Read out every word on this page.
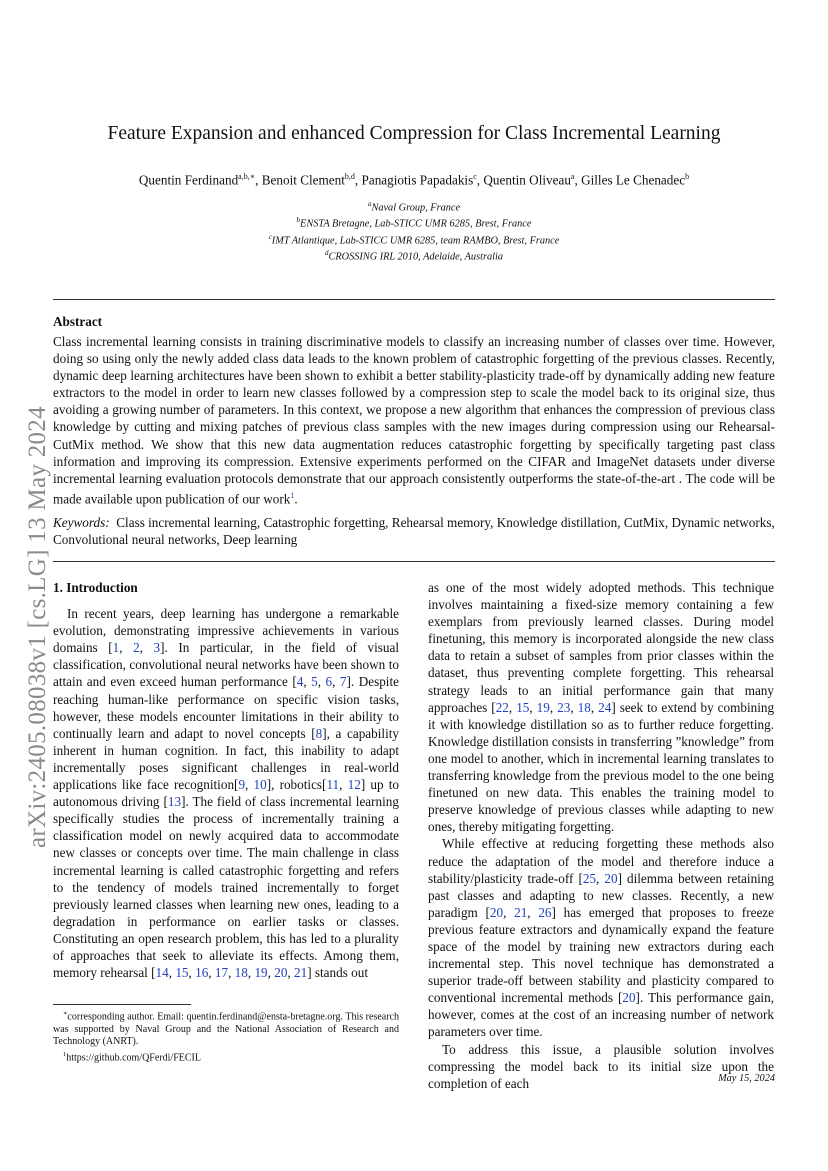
arXiv:2405.08038v1 [cs.LG] 13 May 2024
Feature Expansion and enhanced Compression for Class Incremental Learning
Quentin Ferdinand$^{a,b,∗}$, Benoit Clement$^{b,d}$, Panagiotis Papadakis$^c$, Quentin Oliveau$^a$, Gilles Le Chenadec$^b$
$^a$Naval Group, France
$^b$ENSTA Bretagne, Lab-STICC UMR 6285, Brest, France
$^c$IMT Atlantique, Lab-STICC UMR 6285, team RAMBO, Brest, France
$^d$CROSSING IRL 2010, Adelaide, Australia
Abstract

Class incremental learning consists in training discriminative models to classify an increasing number of classes over time. However, doing so using only the newly added class data leads to the known problem of catastrophic forgetting of the previous classes. Recently, dynamic deep learning architectures have been shown to exhibit a better stability-plasticity trade-off by dynamically adding new feature extractors to the model in order to learn new classes followed by a compression step to scale the model back to its original size, thus avoiding a growing number of parameters. In this context, we propose a new algorithm that enhances the compression of previous class knowledge by cutting and mixing patches of previous class samples with the new images during compression using our Rehearsal-CutMix method. We show that this new data augmentation reduces catastrophic forgetting by specifically targeting past class information and improving its compression. Extensive experiments performed on the CIFAR and ImageNet datasets under diverse incremental learning evaluation protocols demonstrate that our approach consistently outperforms the state-of-the-art . The code will be made available upon publication of our work$^1$.

Keywords: Class incremental learning, Catastrophic forgetting, Rehearsal memory, Knowledge distillation, CutMix, Dynamic networks, Convolutional neural networks, Deep learning

1. Introduction

In recent years, deep learning has undergone a remarkable evolution, demonstrating impressive achievements in various domains [1, 2, 3]. In particular, in the field of visual classification, convolutional neural networks have been shown to attain and even exceed human performance [4, 5, 6, 7]. Despite reaching human-like performance on specific vision tasks, however, these models encounter limitations in their ability to continually learn and adapt to novel concepts [8], a capability inherent in human cognition. In fact, this inability to adapt incrementally poses significant challenges in real-world applications like face recognition[9, 10], robotics[11, 12] up to autonomous driving [13]. The field of class incremental learning specifically studies the process of incrementally training a classification model on newly acquired data to accommodate new classes or concepts over time. The main challenge in class incremental learning is called catastrophic forgetting and refers to the tendency of models trained incrementally to forget previously learned classes when learning new ones, leading to a degradation in performance on earlier tasks or classes. Constituting an open research problem, this has led to a plurality of approaches that seek to alleviate its effects. Among them, memory rehearsal [14, 15, 16, 17, 18, 19, 20, 21] stands out

as one of the most widely adopted methods. This technique involves maintaining a fixed-size memory containing a few exemplars from previously learned classes. During model finetuning, this memory is incorporated alongside the new class data to retain a subset of samples from prior classes within the dataset, thus preventing complete forgetting. This rehearsal strategy leads to an initial performance gain that many approaches [22, 15, 19, 23, 18, 24] seek to extend by combining it with knowledge distillation so as to further reduce forgetting. Knowledge distillation consists in transferring ”knowledge” from one model to another, which in incremental learning translates to transferring knowledge from the previous model to the one being finetuned on new data. This enables the training model to preserve knowledge of previous classes while adapting to new ones, thereby mitigating forgetting.

While effective at reducing forgetting these methods also reduce the adaptation of the model and therefore induce a stability/plasticity trade-off [25, 20] dilemma between retaining past classes and adapting to new classes. Recently, a new paradigm [20, 21, 26] has emerged that proposes to freeze previous feature extractors and dynamically expand the feature space of the model by training new extractors during each incremental step. This novel technique has demonstrated a superior trade-off between stability and plasticity compared to conventional incremental methods [20]. This performance gain, however, comes at the cost of an increasing number of network parameters over time.

To address this issue, a plausible solution involves compressing the model back to its initial size upon the completion of each

∗corresponding author. Email: quentin.ferdinand@ensta-bretagne.org. This research was supported by Naval Group and the National Association of Research and Technology (ANRT).

$^1$https://github.com/QFerdi/FECIL

May 15, 2024
